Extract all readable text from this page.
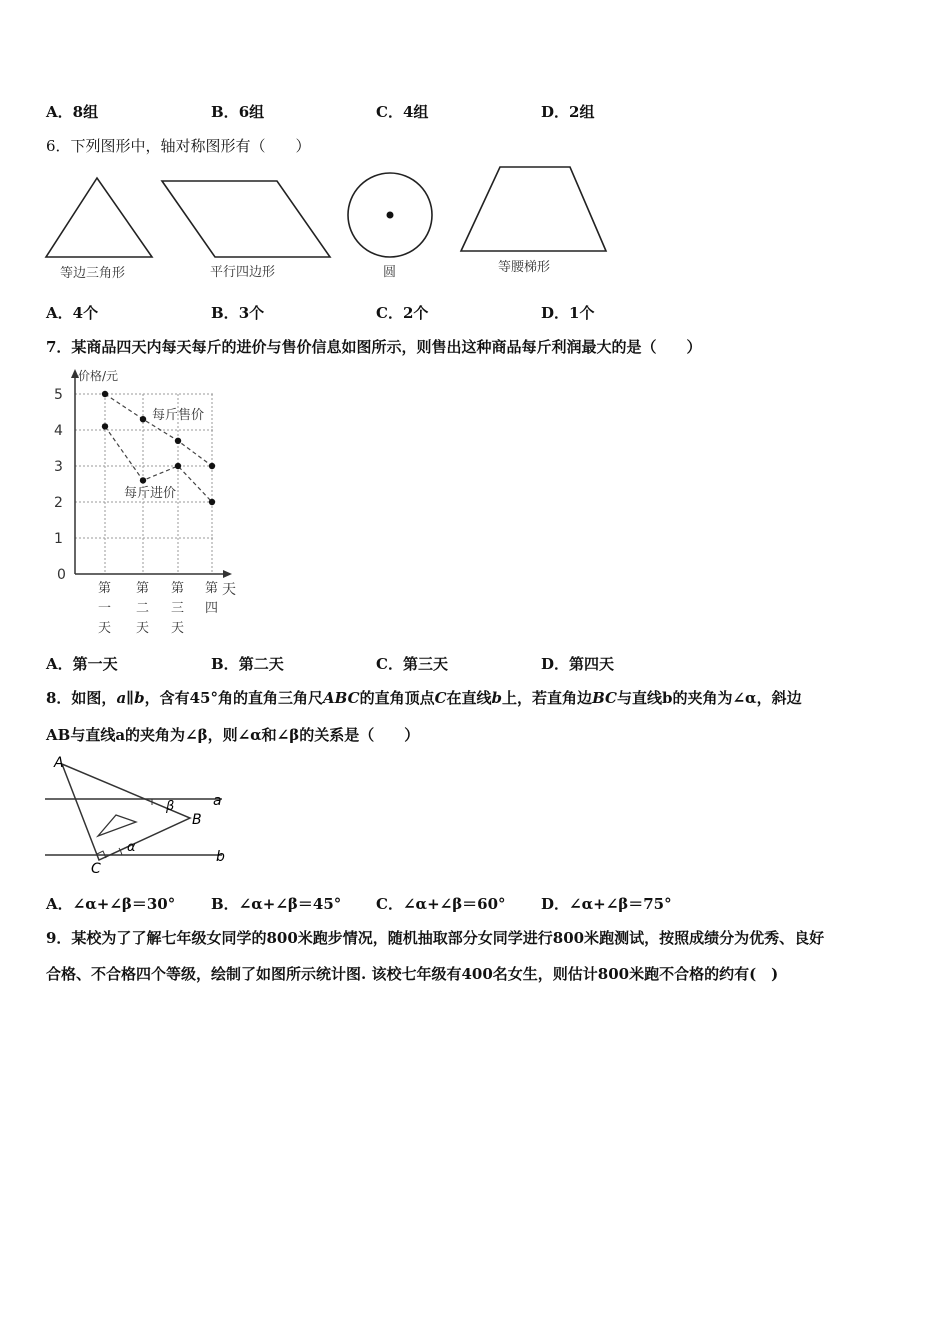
A．8组	B．6组	C．4组	D．2组
6．下列图形中，轴对称图形有（　　）
等边三角形	平行四边形	圆	等腰梯形
A．4个	B．3个	C．2个	D．1个
7．某商品四天内每天每斤的进价与售价信息如图所示，则售出这种商品每斤利润最大的是（　　）
0
1
2
3
4
5
价格/元
天
第
一
天
第
二
天
第
三
天
第
四
每斤售价
每斤进价
A．第一天	B．第二天	C．第三天	D．第四天
8．如图，a∥b，含有45°角的直角三角尺ABC的直角顶点C在直线b上，若直角边BC与直线b的夹角为∠α，斜边
AB与直线a的夹角为∠β，则∠α和∠β的关系是（　　）
A
B
C
a
b
α
β
A．∠α+∠β＝30° B．∠α+∠β＝45° C．∠α+∠β＝60° D．∠α+∠β＝75°
9．某校为了了解七年级女同学的800米跑步情况，随机抽取部分女同学进行800米跑测试，按照成绩分为优秀、良好
合格、不合格四个等级，绘制了如图所示统计图. 该校七年级有400名女生，则估计800米跑不合格的约有(　)
